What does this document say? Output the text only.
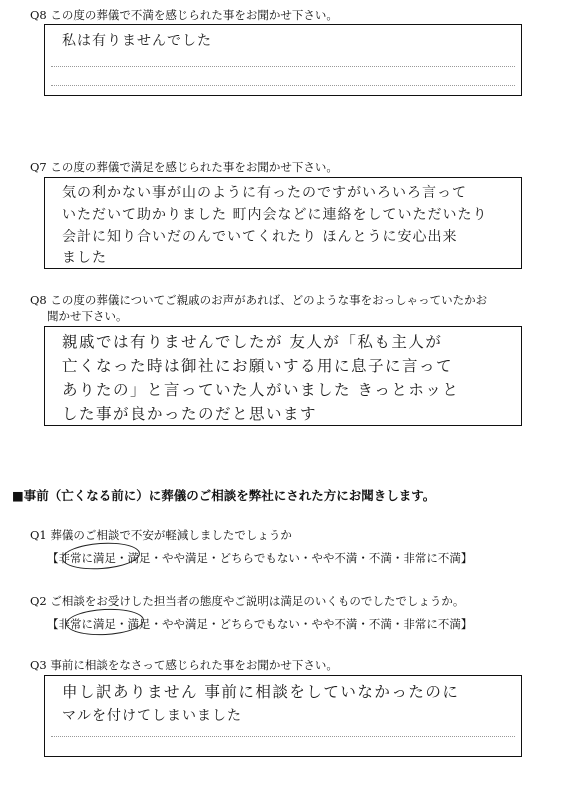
Q8 この度の葬儀で不満を感じられた事をお聞かせ下さい。
私は有りませんでした
Q7 この度の葬儀で満足を感じられた事をお聞かせ下さい。
気の利かない事が山のように有ったのですがいろいろ言って
いただいて助かりました 町内会などに連絡をしていただいたり
会計に知り合いだのんでいてくれたり ほんとうに安心出来
ました
Q8 この度の葬儀についてご親戚のお声があれば、どのような事をおっしゃっていたかお
聞かせ下さい。
親戚では有りませんでしたが 友人が「私も主人が
亡くなった時は御社にお願いする用に息子に言って
ありたの」と言っていた人がいました きっとホッと
した事が良かったのだと思います
■事前（亡くなる前に）に葬儀のご相談を弊社にされた方にお聞きします。
Q1 葬儀のご相談で不安が軽減しましたでしょうか
【非常に満足・満足・やや満足・どちらでもない・やや不満・不満・非常に不満】
Q2 ご相談をお受けした担当者の態度やご説明は満足のいくものでしたでしょうか。
【非常に満足・満足・やや満足・どちらでもない・やや不満・不満・非常に不満】
Q3 事前に相談をなさって感じられた事をお聞かせ下さい。
申し訳ありません 事前に相談をしていなかったのに
マルを付けてしまいました
